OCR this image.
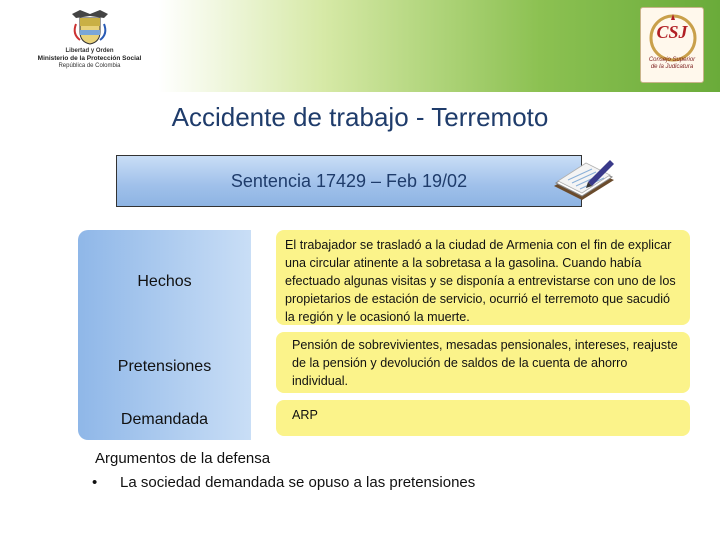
Libertad y Orden
Ministerio de la Protección Social
República de Colombia
CSJ
Consejo Superior
de la Judicatura
Accidente de trabajo - Terremoto
Sentencia 17429 – Feb 19/02
Hechos
Pretensiones
Demandada
El trabajador se trasladó a la ciudad de Armenia con el fin de explicar una circular atinente a la sobretasa a la gasolina. Cuando había efectuado algunas visitas y se disponía a entrevistarse con uno de los propietarios de estación de servicio, ocurrió el terremoto que sacudió la región y le ocasionó la muerte.
Pensión de sobrevivientes, mesadas pensionales, intereses, reajuste de la pensión y devolución de saldos de la cuenta de ahorro individual.
ARP
Argumentos de la defensa
• La sociedad demandada se opuso a las pretensiones
